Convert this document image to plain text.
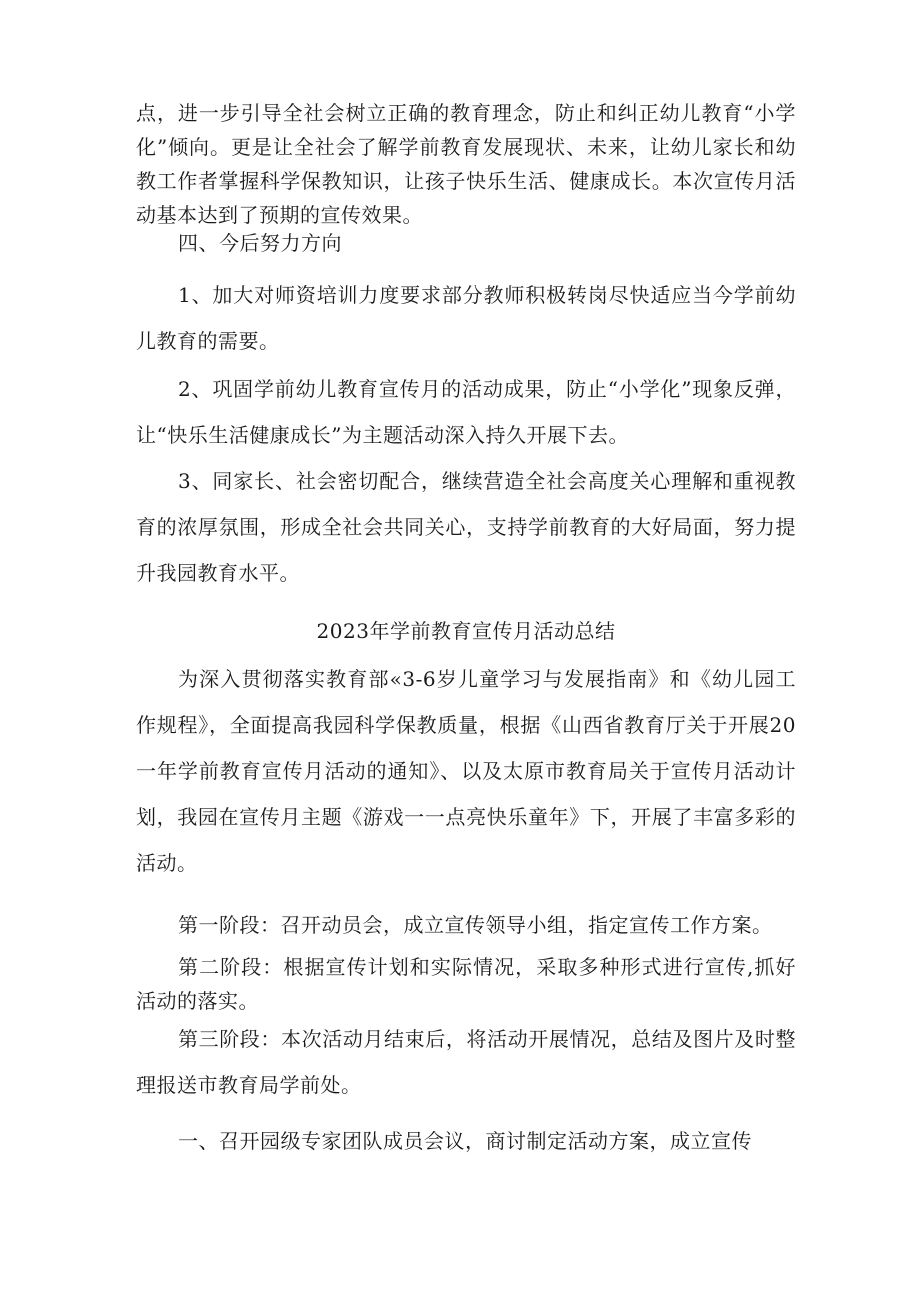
点，进一步引导全社会树立正确的教育理念，防止和纠正幼儿教育“小学化”倾向。更是让全社会了解学前教育发展现状、未来，让幼儿家长和幼教工作者掌握科学保教知识，让孩子快乐生活、健康成长。本次宣传月活动基本达到了预期的宣传效果。

四、今后努力方向

1、加大对师资培训力度要求部分教师积极转岗尽快适应当今学前幼儿教育的需要。

2、巩固学前幼儿教育宣传月的活动成果，防止“小学化”现象反弹，让“快乐生活健康成长”为主题活动深入持久开展下去。

3、同家长、社会密切配合，继续营造全社会高度关心理解和重视教育的浓厚氛围，形成全社会共同关心，支持学前教育的大好局面，努力提升我园教育水平。

2023年学前教育宣传月活动总结

为深入贯彻落实教育部«3-6岁儿童学习与发展指南》和《幼儿园工作规程》，全面提高我园科学保教质量，根据《山西省教育厅关于开展20一年学前教育宣传月活动的通知》、以及太原市教育局关于宣传月活动计划，我园在宣传月主题《游戏一一点亮快乐童年》下，开展了丰富多彩的活动。

第一阶段：召开动员会，成立宣传领导小组，指定宣传工作方案。

第二阶段：根据宣传计划和实际情况，采取多种形式进行宣传,抓好活动的落实。

第三阶段：本次活动月结束后，将活动开展情况，总结及图片及时整理报送市教育局学前处。

一、召开园级专家团队成员会议，商讨制定活动方案，成立宣传
